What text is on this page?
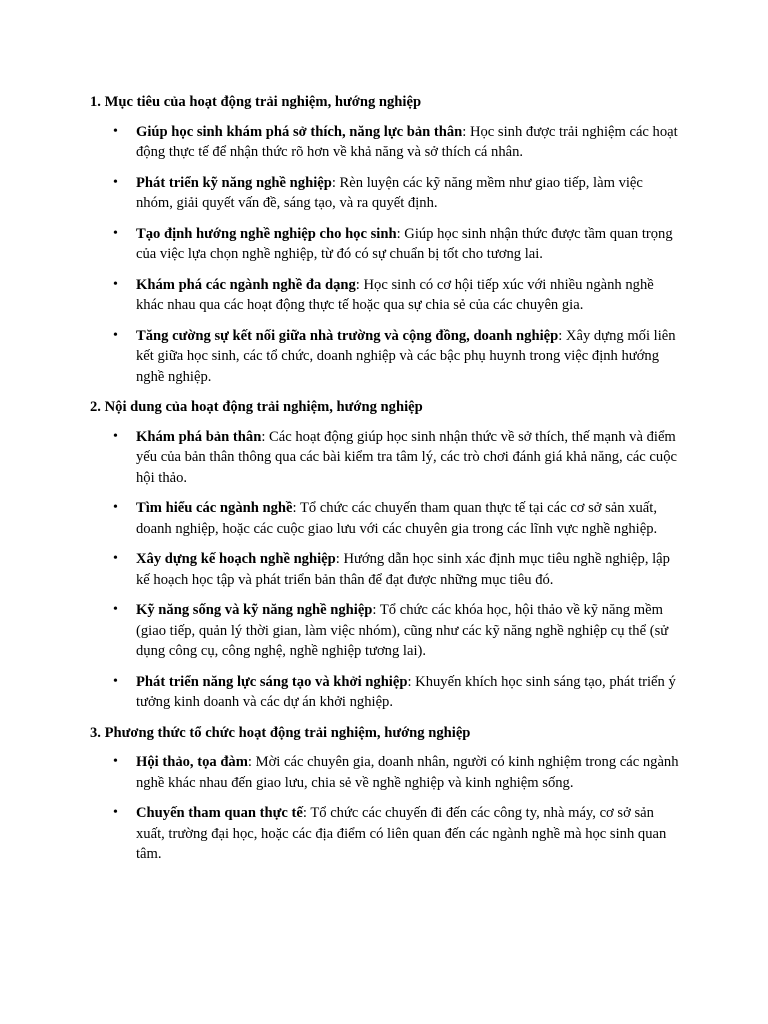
1. Mục tiêu của hoạt động trải nghiệm, hướng nghiệp
• Giúp học sinh khám phá sở thích, năng lực bản thân: Học sinh được trải nghiệm các hoạt động thực tế để nhận thức rõ hơn về khả năng và sở thích cá nhân.
• Phát triển kỹ năng nghề nghiệp: Rèn luyện các kỹ năng mềm như giao tiếp, làm việc nhóm, giải quyết vấn đề, sáng tạo, và ra quyết định.
• Tạo định hướng nghề nghiệp cho học sinh: Giúp học sinh nhận thức được tầm quan trọng của việc lựa chọn nghề nghiệp, từ đó có sự chuẩn bị tốt cho tương lai.
• Khám phá các ngành nghề đa dạng: Học sinh có cơ hội tiếp xúc với nhiều ngành nghề khác nhau qua các hoạt động thực tế hoặc qua sự chia sẻ của các chuyên gia.
• Tăng cường sự kết nối giữa nhà trường và cộng đồng, doanh nghiệp: Xây dựng mối liên kết giữa học sinh, các tổ chức, doanh nghiệp và các bậc phụ huynh trong việc định hướng nghề nghiệp.
2. Nội dung của hoạt động trải nghiệm, hướng nghiệp
• Khám phá bản thân: Các hoạt động giúp học sinh nhận thức về sở thích, thế mạnh và điểm yếu của bản thân thông qua các bài kiểm tra tâm lý, các trò chơi đánh giá khả năng, các cuộc hội thảo.
• Tìm hiểu các ngành nghề: Tổ chức các chuyến tham quan thực tế tại các cơ sở sản xuất, doanh nghiệp, hoặc các cuộc giao lưu với các chuyên gia trong các lĩnh vực nghề nghiệp.
• Xây dựng kế hoạch nghề nghiệp: Hướng dẫn học sinh xác định mục tiêu nghề nghiệp, lập kế hoạch học tập và phát triển bản thân để đạt được những mục tiêu đó.
• Kỹ năng sống và kỹ năng nghề nghiệp: Tổ chức các khóa học, hội thảo về kỹ năng mềm (giao tiếp, quản lý thời gian, làm việc nhóm), cũng như các kỹ năng nghề nghiệp cụ thể (sử dụng công cụ, công nghệ, nghề nghiệp tương lai).
• Phát triển năng lực sáng tạo và khởi nghiệp: Khuyến khích học sinh sáng tạo, phát triển ý tưởng kinh doanh và các dự án khởi nghiệp.
3. Phương thức tổ chức hoạt động trải nghiệm, hướng nghiệp
• Hội thảo, tọa đàm: Mời các chuyên gia, doanh nhân, người có kinh nghiệm trong các ngành nghề khác nhau đến giao lưu, chia sẻ về nghề nghiệp và kinh nghiệm sống.
• Chuyến tham quan thực tế: Tổ chức các chuyến đi đến các công ty, nhà máy, cơ sở sản xuất, trường đại học, hoặc các địa điểm có liên quan đến các ngành nghề mà học sinh quan tâm.
